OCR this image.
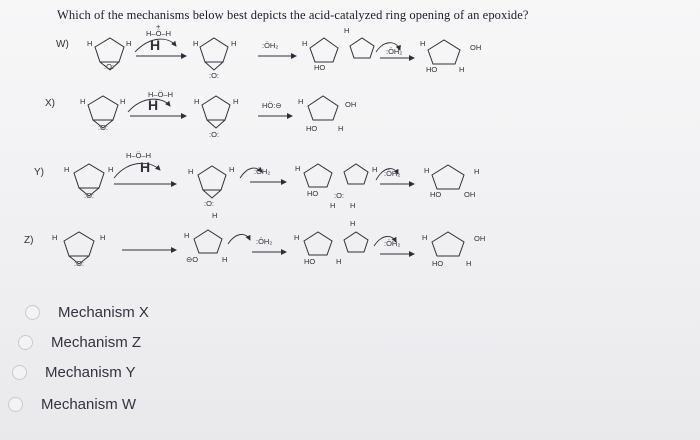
Which of the mechanisms below best depicts the acid-catalyzed ring opening of an epoxide?
W) H	H
:O:
H–Ö–H
+
H	H	H
:O:
:ÖH₂	H
HO
H
:ÖH₂
H	OH
HO	H
X)	H	H
:O:
H–Ö–H
H	H	H
:O:
HÖ:⊖ H	OH
HO	H
Y)	H	H
:O:
H–Ö–H
H	H	H
:O:
H
:ÖH₂	H
HO
H
:O:
H H
:ÖH₂	H	H
HO	OH
Z) H	H
:O:
H
⊖O	H
:ÖH₂	H
HO	H
H
:ÖH₂
H	OH
HO	H
Mechanism X
Mechanism Z
Mechanism Y
Mechanism W
